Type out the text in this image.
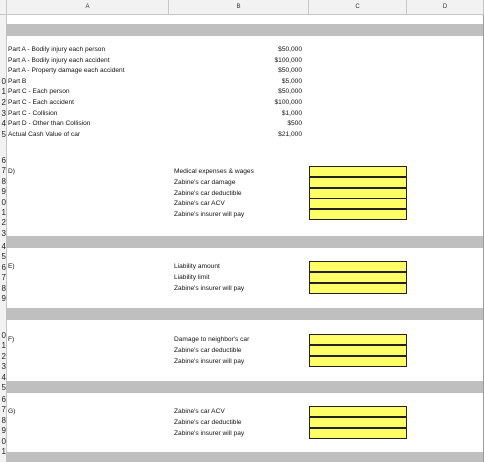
A	B	C	D
Part A - Bodily injury each person	$50,000
Part A - Bodily injury each accident	$100,000
Part A - Property damage each accident	$50,000
0 Part B	$5,000
1 Part C - Each person	$50,000
2 Part C - Each accident	$100,000
3 Part C - Collision	$1,000
4 Part D - Other than Collision	$500
5 Actual Cash Value of car	$21,000
6
7
8
9
0
1
2
3
D)	Medical expenses & wages
Zabine's car damage
Zabine's car deductible
Zabine's car ACV
Zabine's insurer will pay
4
5
6
7
8
9
E)	Liability amount
Liability limit
Zabine's insurer will pay
0
1
2
3
4
5
F)	Damage to neighbor's car
Zabine's car deductible
Zabine's insurer will pay
6
7
8
9
0
1
G)	Zabine's car ACV
Zabine's car deductible
Zabine's insurer will pay
